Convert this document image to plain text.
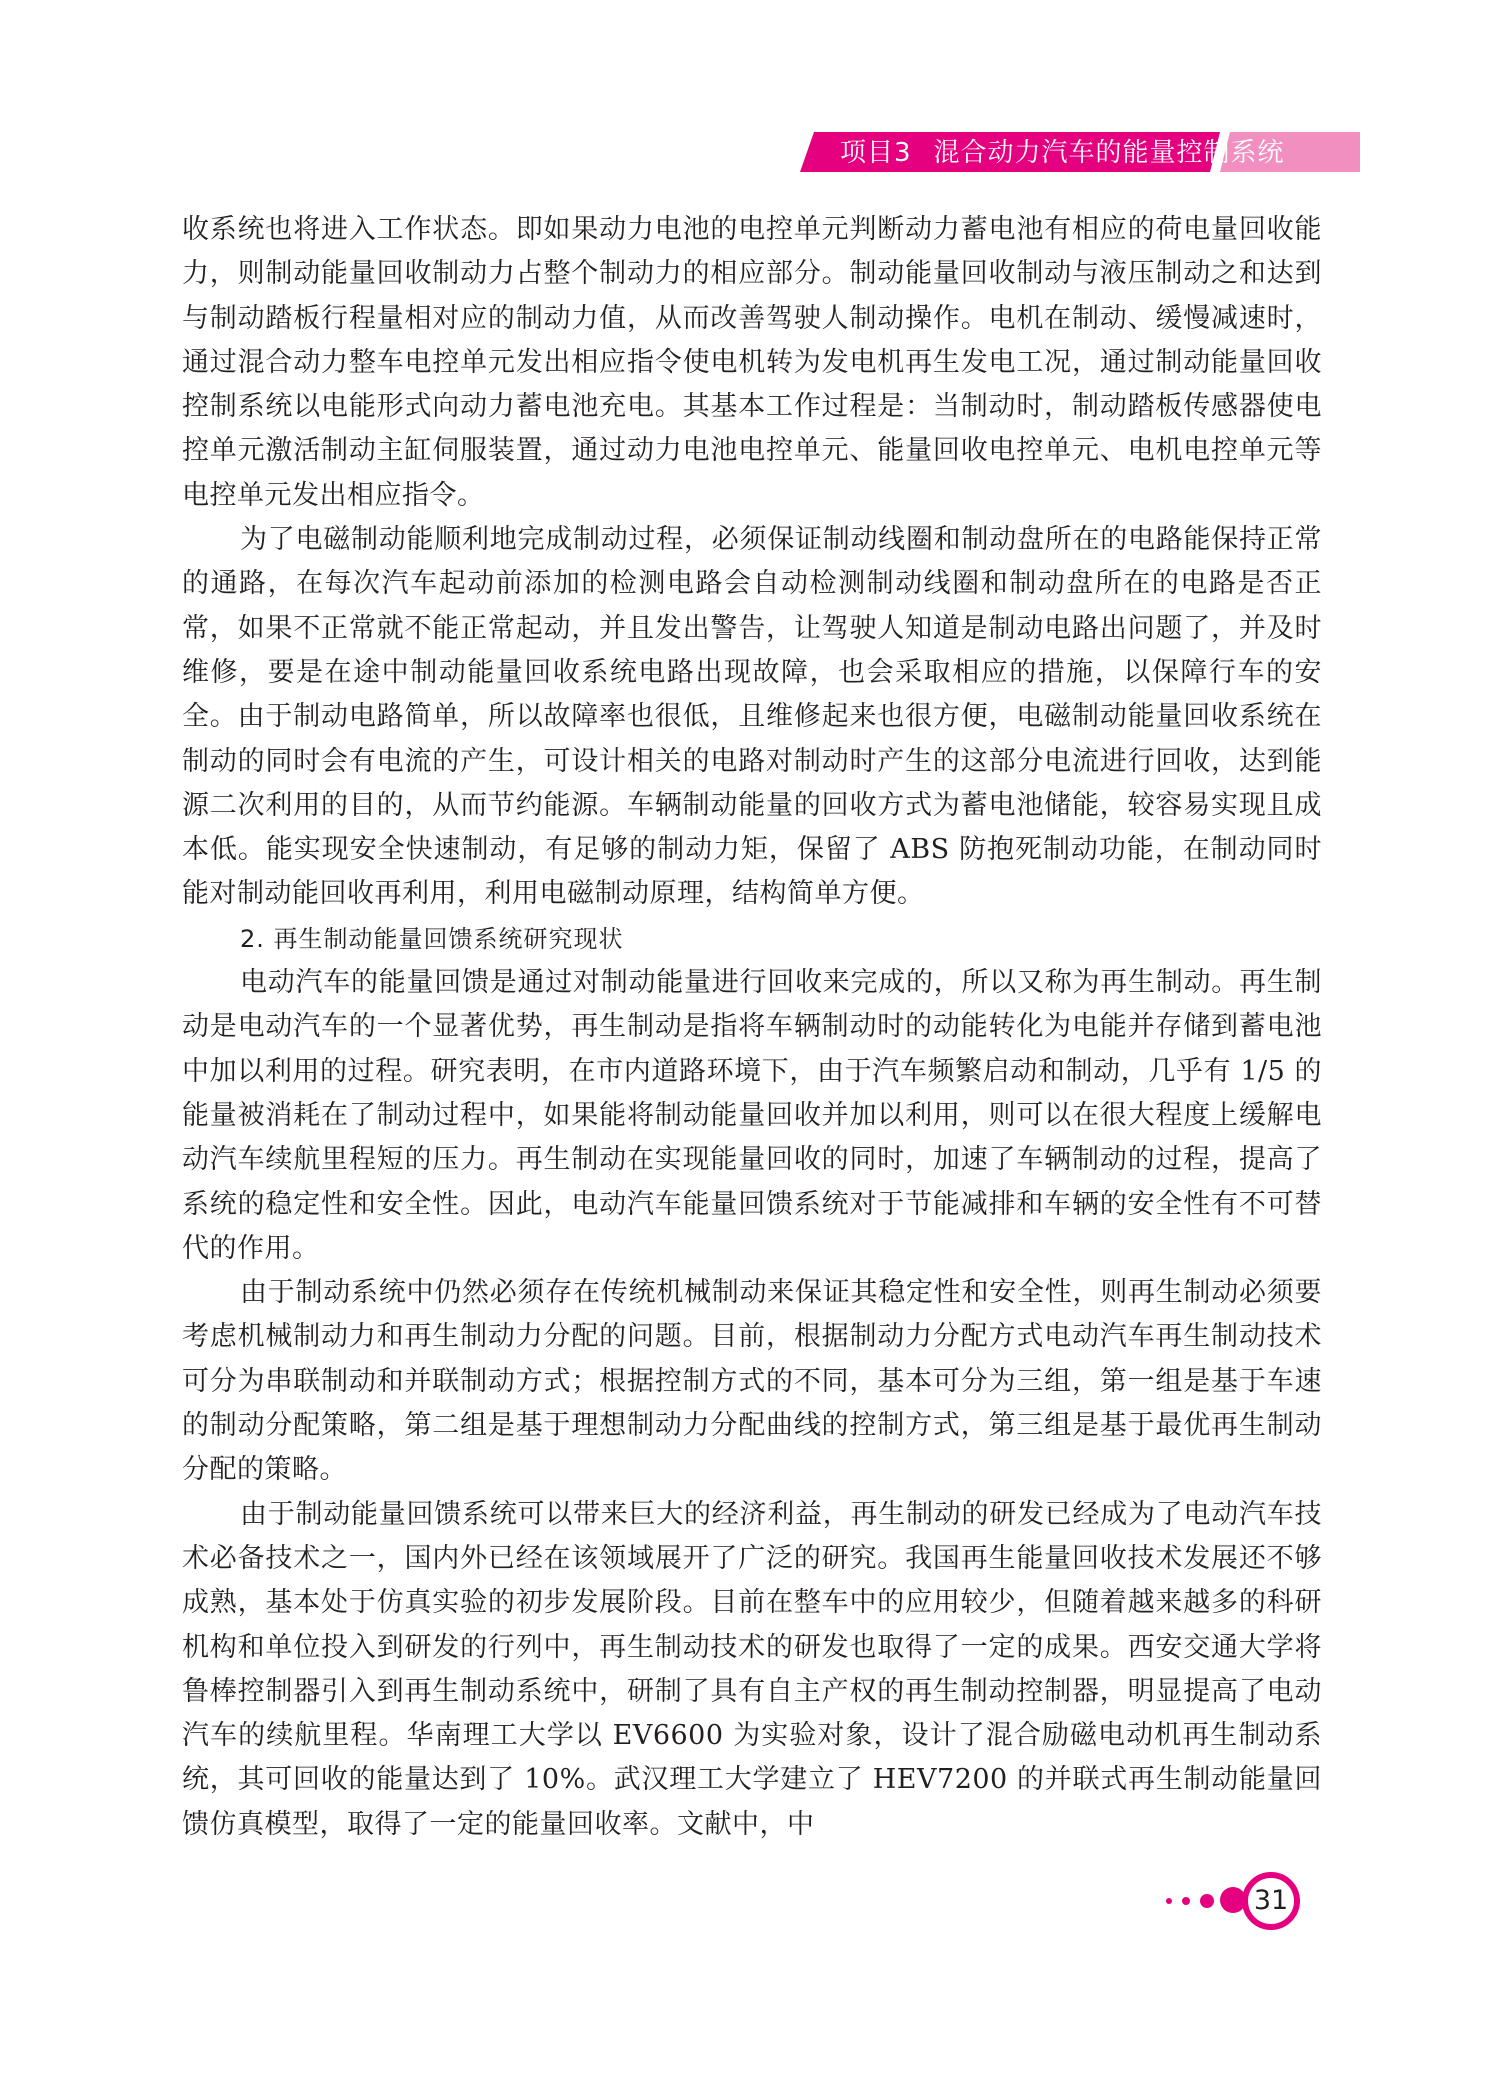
项目3 混合动力汽车的能量控制系统

收系统也将进入工作状态。即如果动力电池的电控单元判断动力蓄电池有相应的荷电量回收能力，则制动能量回收制动力占整个制动力的相应部分。制动能量回收制动与液压制动之和达到与制动踏板行程量相对应的制动力值，从而改善驾驶人制动操作。电机在制动、缓慢减速时，通过混合动力整车电控单元发出相应指令使电机转为发电机再生发电工况，通过制动能量回收控制系统以电能形式向动力蓄电池充电。其基本工作过程是：当制动时，制动踏板传感器使电控单元激活制动主缸伺服装置，通过动力电池电控单元、能量回收电控单元、电机电控单元等电控单元发出相应指令。

为了电磁制动能顺利地完成制动过程，必须保证制动线圈和制动盘所在的电路能保持正常的通路，在每次汽车起动前添加的检测电路会自动检测制动线圈和制动盘所在的电路是否正常，如果不正常就不能正常起动，并且发出警告，让驾驶人知道是制动电路出问题了，并及时维修，要是在途中制动能量回收系统电路出现故障，也会采取相应的措施，以保障行车的安全。由于制动电路简单，所以故障率也很低，且维修起来也很方便，电磁制动能量回收系统在制动的同时会有电流的产生，可设计相关的电路对制动时产生的这部分电流进行回收，达到能源二次利用的目的，从而节约能源。车辆制动能量的回收方式为蓄电池储能，较容易实现且成本低。能实现安全快速制动，有足够的制动力矩，保留了 ABS 防抱死制动功能，在制动同时能对制动能回收再利用，利用电磁制动原理，结构简单方便。

2. 再生制动能量回馈系统研究现状

电动汽车的能量回馈是通过对制动能量进行回收来完成的，所以又称为再生制动。再生制动是电动汽车的一个显著优势，再生制动是指将车辆制动时的动能转化为电能并存储到蓄电池中加以利用的过程。研究表明，在市内道路环境下，由于汽车频繁启动和制动，几乎有 1/5 的能量被消耗在了制动过程中，如果能将制动能量回收并加以利用，则可以在很大程度上缓解电动汽车续航里程短的压力。再生制动在实现能量回收的同时，加速了车辆制动的过程，提高了系统的稳定性和安全性。因此，电动汽车能量回馈系统对于节能减排和车辆的安全性有不可替代的作用。

由于制动系统中仍然必须存在传统机械制动来保证其稳定性和安全性，则再生制动必须要考虑机械制动力和再生制动力分配的问题。目前，根据制动力分配方式电动汽车再生制动技术可分为串联制动和并联制动方式；根据控制方式的不同，基本可分为三组，第一组是基于车速的制动分配策略，第二组是基于理想制动力分配曲线的控制方式，第三组是基于最优再生制动分配的策略。

由于制动能量回馈系统可以带来巨大的经济利益，再生制动的研发已经成为了电动汽车技术必备技术之一，国内外已经在该领域展开了广泛的研究。我国再生能量回收技术发展还不够成熟，基本处于仿真实验的初步发展阶段。目前在整车中的应用较少，但随着越来越多的科研机构和单位投入到研发的行列中，再生制动技术的研发也取得了一定的成果。西安交通大学将鲁棒控制器引入到再生制动系统中，研制了具有自主产权的再生制动控制器，明显提高了电动汽车的续航里程。华南理工大学以 EV6600 为实验对象，设计了混合励磁电动机再生制动系统，其可回收的能量达到了 10%。武汉理工大学建立了 HEV7200 的并联式再生制动能量回馈仿真模型，取得了一定的能量回收率。文献中，中

31
